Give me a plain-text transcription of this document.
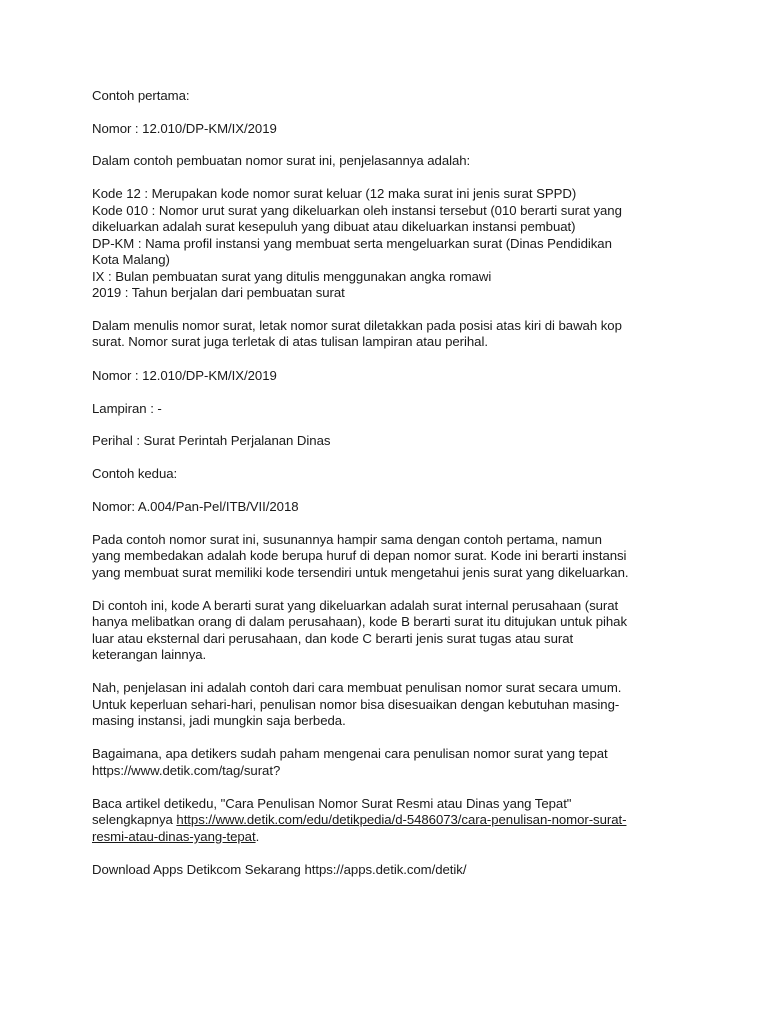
Contoh pertama:
Nomor : 12.010/DP-KM/IX/2019
Dalam contoh pembuatan nomor surat ini, penjelasannya adalah:
Kode 12 : Merupakan kode nomor surat keluar (12 maka surat ini jenis surat SPPD)
Kode 010 : Nomor urut surat yang dikeluarkan oleh instansi tersebut (010 berarti surat yang
dikeluarkan adalah surat kesepuluh yang dibuat atau dikeluarkan instansi pembuat)
DP-KM : Nama profil instansi yang membuat serta mengeluarkan surat (Dinas Pendidikan
Kota Malang)
IX : Bulan pembuatan surat yang ditulis menggunakan angka romawi
2019 : Tahun berjalan dari pembuatan surat
Dalam menulis nomor surat, letak nomor surat diletakkan pada posisi atas kiri di bawah kop
surat. Nomor surat juga terletak di atas tulisan lampiran atau perihal.
Nomor : 12.010/DP-KM/IX/2019
Lampiran : -
Perihal : Surat Perintah Perjalanan Dinas
Contoh kedua:
Nomor: A.004/Pan-Pel/ITB/VII/2018
Pada contoh nomor surat ini, susunannya hampir sama dengan contoh pertama, namun
yang membedakan adalah kode berupa huruf di depan nomor surat. Kode ini berarti instansi
yang membuat surat memiliki kode tersendiri untuk mengetahui jenis surat yang dikeluarkan.
Di contoh ini, kode A berarti surat yang dikeluarkan adalah surat internal perusahaan (surat
hanya melibatkan orang di dalam perusahaan), kode B berarti surat itu ditujukan untuk pihak
luar atau eksternal dari perusahaan, dan kode C berarti jenis surat tugas atau surat
keterangan lainnya.
Nah, penjelasan ini adalah contoh dari cara membuat penulisan nomor surat secara umum.
Untuk keperluan sehari-hari, penulisan nomor bisa disesuaikan dengan kebutuhan masing-
masing instansi, jadi mungkin saja berbeda.
Bagaimana, apa detikers sudah paham mengenai cara penulisan nomor surat yang tepat
https://www.detik.com/tag/surat?
Baca artikel detikedu, "Cara Penulisan Nomor Surat Resmi atau Dinas yang Tepat"
selengkapnya https://www.detik.com/edu/detikpedia/d-5486073/cara-penulisan-nomor-surat-
resmi-atau-dinas-yang-tepat.
Download Apps Detikcom Sekarang https://apps.detik.com/detik/
